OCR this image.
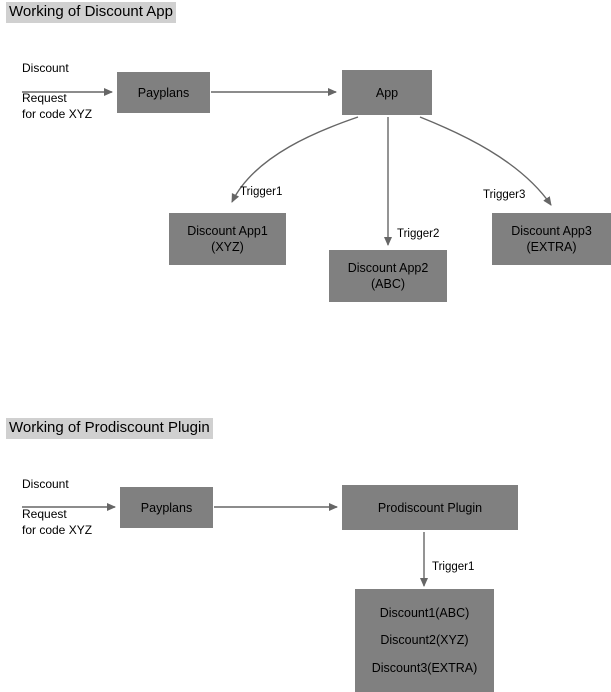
Working of Discount App
Discount
Request
for code XYZ
Payplans	App
Trigger1
Trigger2
Trigger3
Discount App1
(XYZ)
Discount App2
(ABC)
Discount App3
(EXTRA)
Working of Prodiscount Plugin
Discount
Request
for code XYZ
Payplans	Prodiscount Plugin
Trigger1
Discount1(ABC)
Discount2(XYZ)
Discount3(EXTRA)
